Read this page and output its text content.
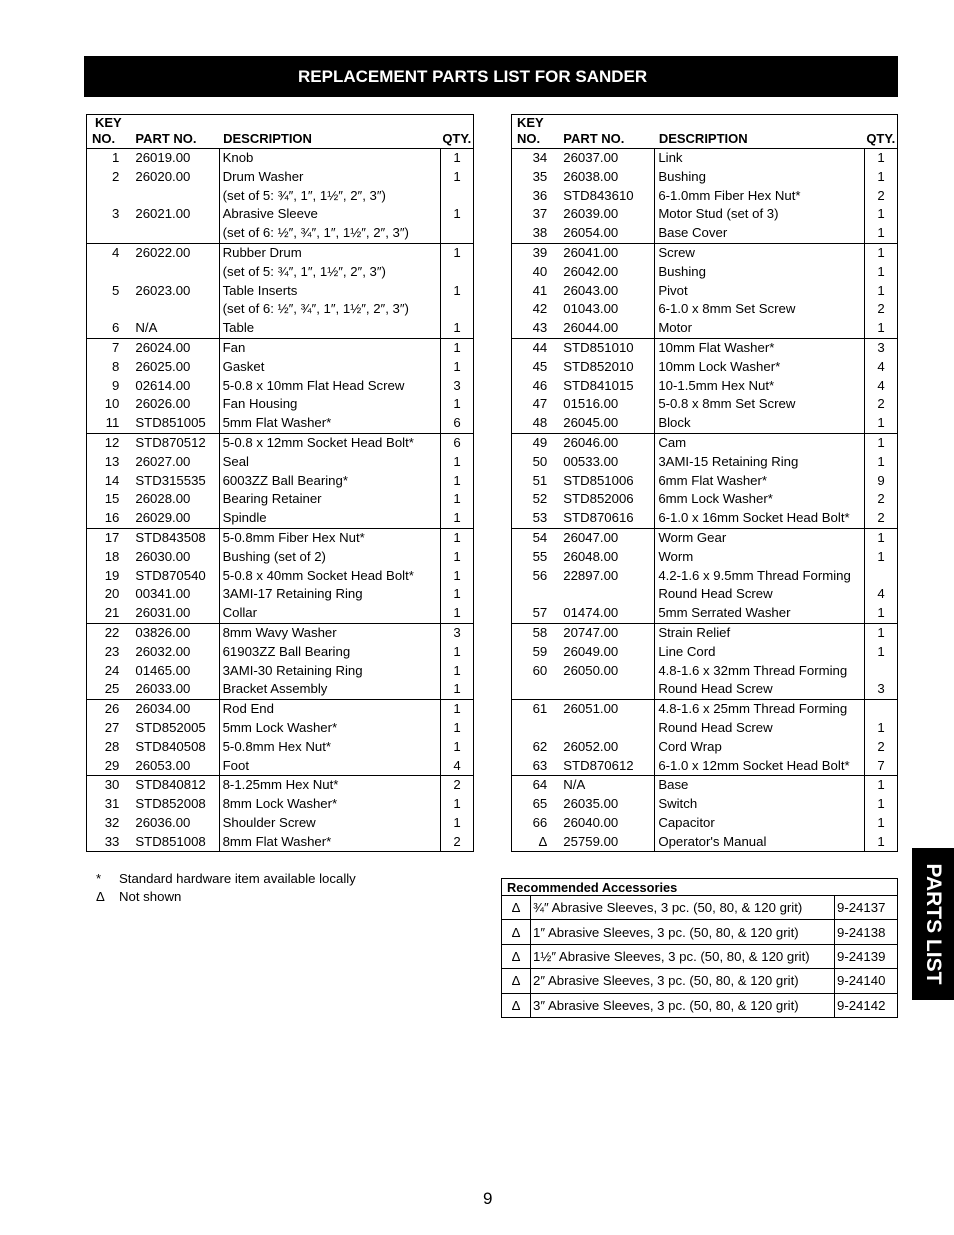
REPLACEMENT PARTS LIST FOR SANDER
KEY			
NO.	PART NO.	DESCRIPTION	QTY.
1	26019.00	Knob	1
2	26020.00	Drum Washer	1
		(set of 5: ¾″, 1″, 1½″, 2″, 3″)	
3	26021.00	Abrasive Sleeve	1
		(set of 6: ½″, ¾″, 1″, 1½″, 2″, 3″)	
4	26022.00	Rubber Drum	1
		(set of 5: ¾″, 1″, 1½″, 2″, 3″)	
5	26023.00	Table Inserts	1
		(set of 6: ½″, ¾″, 1″, 1½″, 2″, 3″)	
6	N/A	Table	1
7	26024.00	Fan	1
8	26025.00	Gasket	1
9	02614.00	5-0.8 x 10mm Flat Head Screw	3
10	26026.00	Fan Housing	1
11	STD851005	5mm Flat Washer*	6
12	STD870512	5-0.8 x 12mm Socket Head Bolt*	6
13	26027.00	Seal	1
14	STD315535	6003ZZ Ball Bearing*	1
15	26028.00	Bearing Retainer	1
16	26029.00	Spindle	1
17	STD843508	5-0.8mm Fiber Hex Nut*	1
18	26030.00	Bushing (set of 2)	1
19	STD870540	5-0.8 x 40mm Socket Head Bolt*	1
20	00341.00	3AMI-17 Retaining Ring	1
21	26031.00	Collar	1
22	03826.00	8mm Wavy Washer	3
23	26032.00	61903ZZ Ball Bearing	1
24	01465.00	3AMI-30 Retaining Ring	1
25	26033.00	Bracket Assembly	1
26	26034.00	Rod End	1
27	STD852005	5mm Lock Washer*	1
28	STD840508	5-0.8mm Hex Nut*	1
29	26053.00	Foot	4
30	STD840812	8-1.25mm Hex Nut*	2
31	STD852008	8mm Lock Washer*	1
32	26036.00	Shoulder Screw	1
33	STD851008	8mm Flat Washer*	2
KEY			
NO.	PART NO.	DESCRIPTION	QTY.
34	26037.00	Link	1
35	26038.00	Bushing	1
36	STD843610	6-1.0mm Fiber Hex Nut*	2
37	26039.00	Motor Stud (set of 3)	1
38	26054.00	Base Cover	1
39	26041.00	Screw	1
40	26042.00	Bushing	1
41	26043.00	Pivot	1
42	01043.00	6-1.0 x 8mm Set Screw	2
43	26044.00	Motor	1
44	STD851010	10mm Flat Washer*	3
45	STD852010	10mm Lock Washer*	4
46	STD841015	10-1.5mm Hex Nut*	4
47	01516.00	5-0.8 x 8mm Set Screw	2
48	26045.00	Block	1
49	26046.00	Cam	1
50	00533.00	3AMI-15 Retaining Ring	1
51	STD851006	6mm Flat Washer*	9
52	STD852006	6mm Lock Washer*	2
53	STD870616	6-1.0 x 16mm Socket Head Bolt*	2
54	26047.00	Worm Gear	1
55	26048.00	Worm	1
56	22897.00	4.2-1.6 x 9.5mm Thread Forming	
		Round Head Screw	4
57	01474.00	5mm Serrated Washer	1
58	20747.00	Strain Relief	1
59	26049.00	Line Cord	1
60	26050.00	4.8-1.6 x 32mm Thread Forming	
		Round Head Screw	3
61	26051.00	4.8-1.6 x 25mm Thread Forming	
		Round Head Screw	1
62	26052.00	Cord Wrap	2
63	STD870612	6-1.0 x 12mm Socket Head Bolt*	7
64	N/A	Base	1
65	26035.00	Switch	1
66	26040.00	Capacitor	1
Δ	25759.00	Operator's Manual	1
* Standard hardware item available locally
Δ Not shown
Recommended Accessories		
Δ	¾″ Abrasive Sleeves, 3 pc. (50, 80, & 120 grit)	9-24137
Δ	1″ Abrasive Sleeves, 3 pc. (50, 80, & 120 grit)	9-24138
Δ	1½″ Abrasive Sleeves, 3 pc. (50, 80, & 120 grit)	9-24139
Δ	2″ Abrasive Sleeves, 3 pc. (50, 80, & 120 grit)	9-24140
Δ	3″ Abrasive Sleeves, 3 pc. (50, 80, & 120 grit)	9-24142
PARTS LIST
9
